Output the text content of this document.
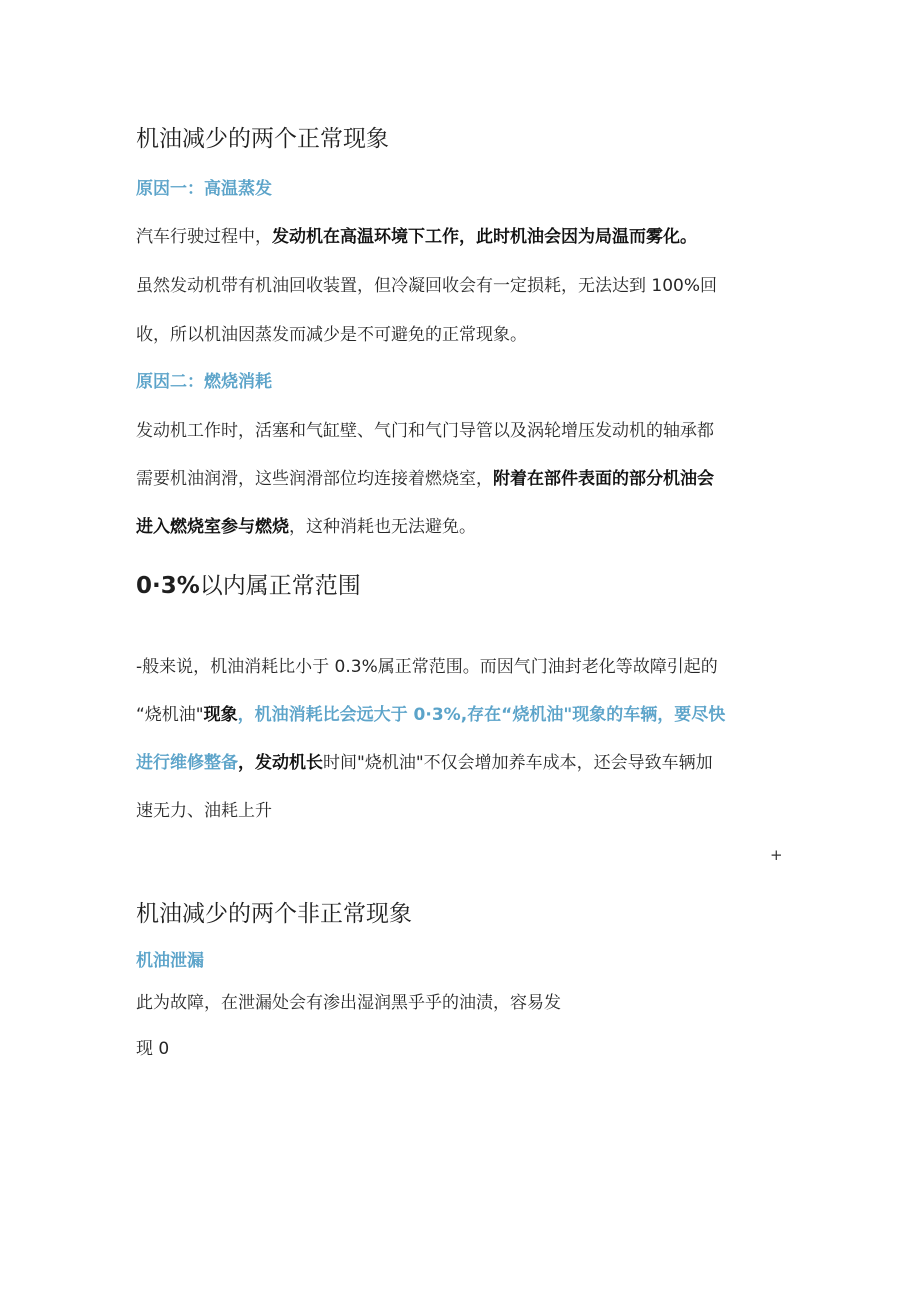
机油减少的两个正常现象
原因一：高温蒸发
汽车行驶过程中，发动机在高温环境下工作，此时机油会因为局温而雾化。
虽然发动机带有机油回收装置，但冷凝回收会有一定损耗，无法达到 100%回
收，所以机油因蒸发而减少是不可避免的正常现象。
原因二：燃烧消耗
发动机工作时，活塞和气缸壁、气门和气门导管以及涡轮增压发动机的轴承都
需要机油润滑，这些润滑部位均连接着燃烧室，附着在部件表面的部分机油会
进入燃烧室参与燃烧，这种消耗也无法避免。
0·3%以内属正常范围
-般来说，机油消耗比小于 0.3%属正常范围。而因气门油封老化等故障引起的
“烧机油"现象，机油消耗比会远大于 0·3%,存在“烧机油"现象的车辆，要尽快
进行维修整备，发动机长时间"烧机油"不仅会增加养车成本，还会导致车辆加
速无力、油耗上升
机油减少的两个非正常现象
机油泄漏
此为故障，在泄漏处会有渗出湿润黑乎乎的油渍，容易发
现 0
+
